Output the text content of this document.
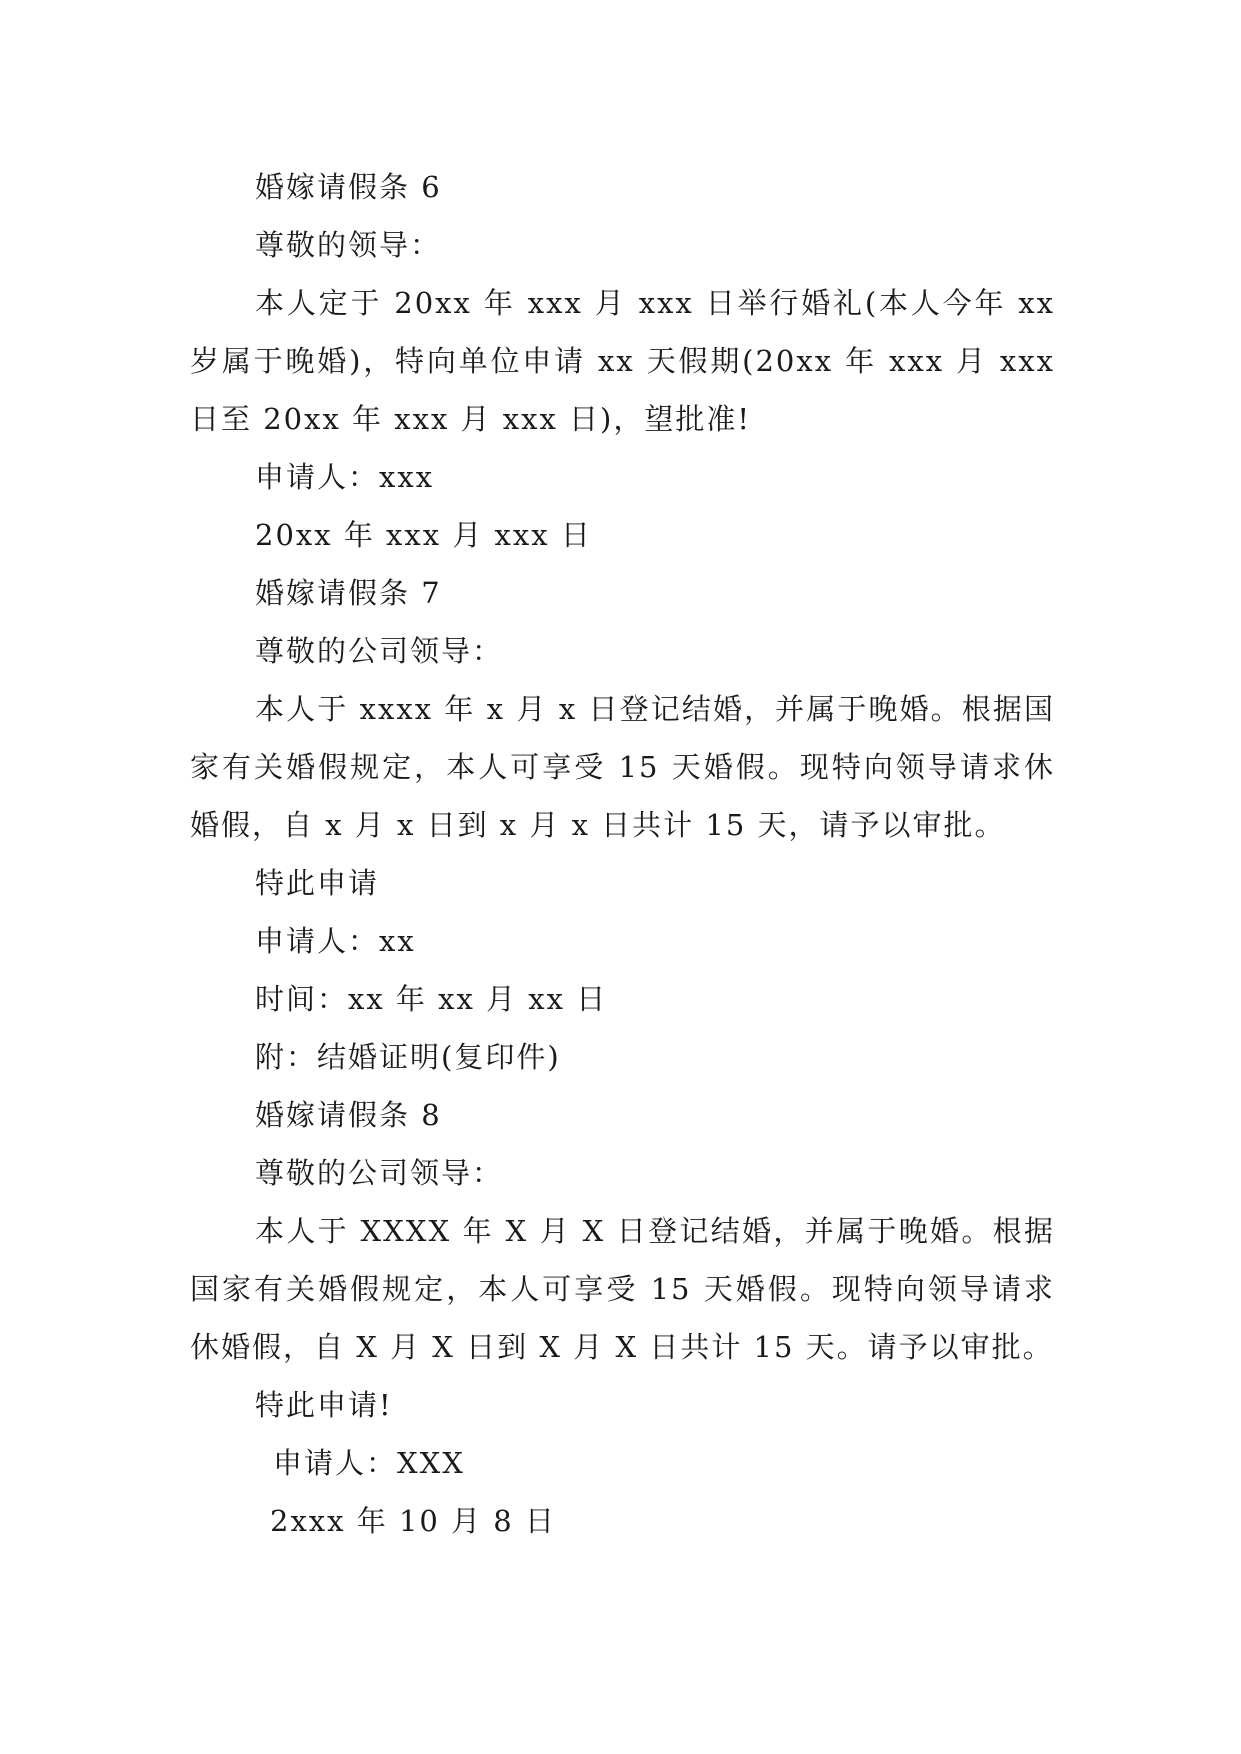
婚嫁请假条 6
尊敬的领导：
本人定于 20xx 年 xxx 月 xxx 日举行婚礼(本人今年 xx 岁属于晚婚)，特向单位申请 xx 天假期(20xx 年 xxx 月 xxx 日至 20xx 年 xxx 月 xxx 日)，望批准!
申请人：xxx
20xx 年 xxx 月 xxx 日
婚嫁请假条 7
尊敬的公司领导：
本人于 xxxx 年 x 月 x 日登记结婚，并属于晚婚。根据国家有关婚假规定，本人可享受 15 天婚假。现特向领导请求休婚假，自 x 月 x 日到 x 月 x 日共计 15 天，请予以审批。
特此申请
申请人：xx
时间：xx 年 xx 月 xx 日
附：结婚证明(复印件)
婚嫁请假条 8
尊敬的公司领导：
本人于 XXXX 年 X 月 X 日登记结婚，并属于晚婚。根据国家有关婚假规定，本人可享受 15 天婚假。现特向领导请求休婚假，自 X 月 X 日到 X 月 X 日共计 15 天。请予以审批。
特此申请!
申请人：XXX
2xxx 年 10 月 8 日
